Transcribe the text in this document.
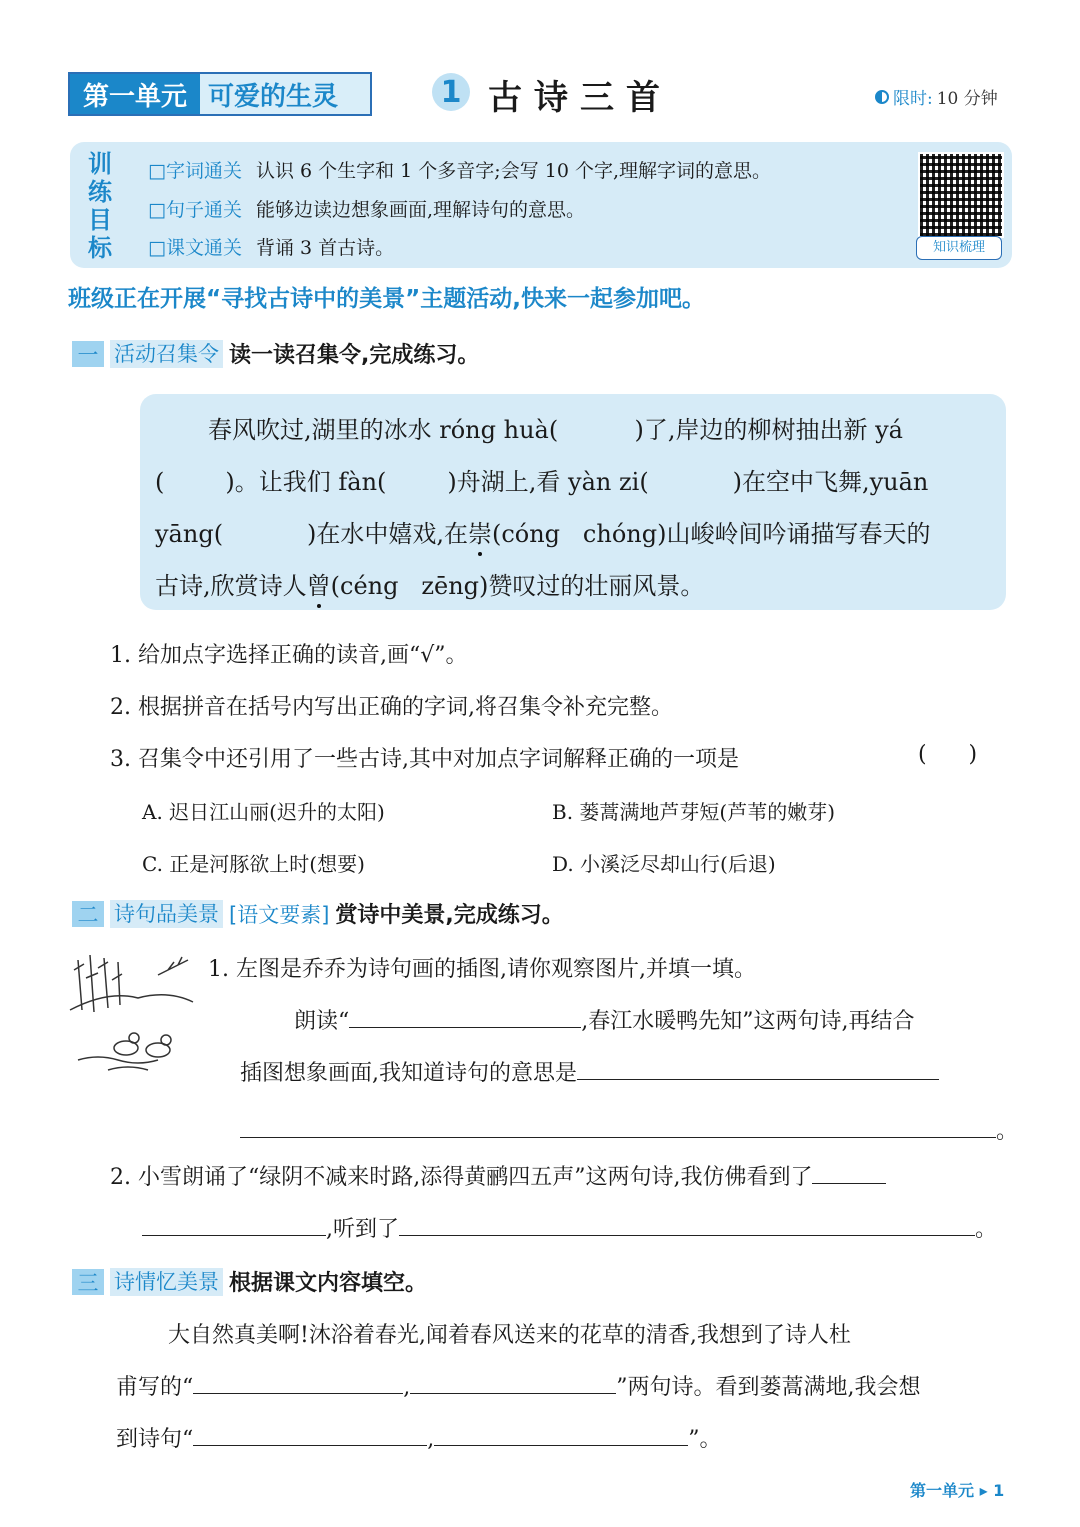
第一单元 可爱的生灵	1 古诗三首	限时: 10 分钟
训
练
目
标
□ 字词通关 认识 6 个生字和 1 个多音字;会写 10 个字,理解字词的意思。
□ 句子通关 能够边读边想象画面,理解诗句的意思。
□ 课文通关 背诵 3 首古诗。	知识梳理
班级正在开展“寻找古诗中的美景”主题活动,快来一起参加吧。
一 活动召集令 读一读召集令,完成练习。
春风吹过,湖里的冰水 róng huà(          )了,岸边的柳树抽出新 yá
(        )。让我们 fàn(        )舟湖上,看 yàn zi(           )在空中飞舞,yuān
yāng(           )在水中嬉戏,在崇(cóng   chóng)山峻岭间吟诵描写春天的
古诗,欣赏诗人曾(céng   zēng)赞叹过的壮丽风景。
1. 给加点字选择正确的读音,画“√”。
2. 根据拼音在括号内写出正确的字词,将召集令补充完整。
3. 召集令中还引用了一些古诗,其中对加点字词解释正确的一项是	(      )
A. 迟日江山丽(迟升的太阳)	B. 蒌蒿满地芦芽短(芦苇的嫩芽)
C. 正是河豚欲上时(想要)	D. 小溪泛尽却山行(后退)
二 诗句品美景 [语文要素] 赏诗中美景,完成练习。
1. 左图是乔乔为诗句画的插图,请你观察图片,并填一填。
朗读“	,春江水暖鸭先知”这两句诗,再结合
插图想象画面,我知道诗句的意思是
。
2. 小雪朗诵了“绿阴不减来时路,添得黄鹂四五声”这两句诗,我仿佛看到了
,听到了	。
三 诗情忆美景 根据课文内容填空。
大自然真美啊!沐浴着春光,闻着春风送来的花草的清香,我想到了诗人杜
甫写的“	,	”两句诗。看到蒌蒿满地,我会想
到诗句“	,	”。
第一单元 ▸ 1
